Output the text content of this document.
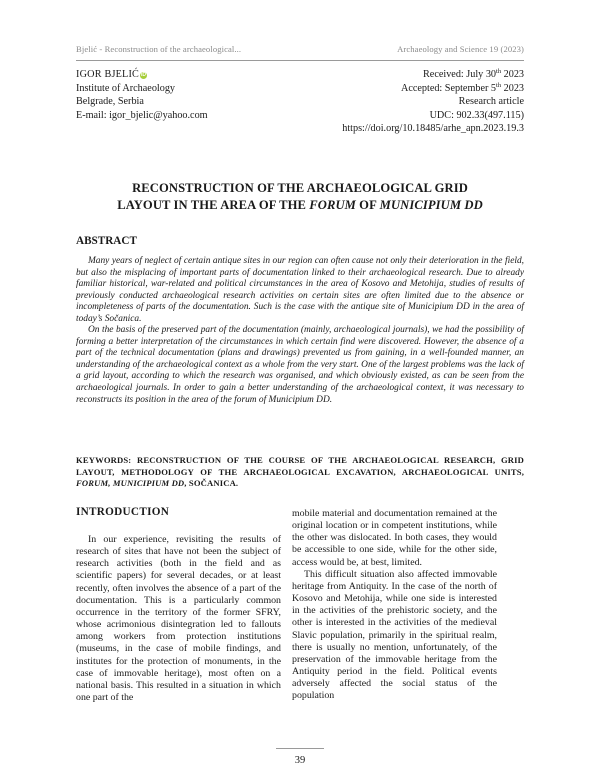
Bjelić - Reconstruction of the archaeological...	Archaeology and Science 19 (2023)
IGOR BJELIĆ iD
Institute of Archaeology
Belgrade, Serbia
E-mail: igor_bjelic@yahoo.com
Received: July 30th 2023
Accepted: September 5th 2023
Research article
UDC: 902.33(497.115)
https://doi.org/10.18485/arhe_apn.2023.19.3
RECONSTRUCTION OF THE ARCHAEOLOGICAL GRID
LAYOUT IN THE AREA OF THE FORUM OF MUNICIPIUM DD
ABSTRACT

Many years of neglect of certain antique sites in our region can often cause not only their deterioration in the field, but also the misplacing of important parts of documentation linked to their archaeological research. Due to already familiar historical, war-related and political circumstances in the area of Kosovo and Metohija, studies of results of previously conducted archaeological research activities on certain sites are often limited due to the absence or incompleteness of parts of the documentation. Such is the case with the antique site of Municipium DD in the area of today’s Sočanica.

On the basis of the preserved part of the documentation (mainly, archaeological journals), we had the possibility of forming a better interpretation of the circumstances in which certain find were discovered. However, the absence of a part of the technical documentation (plans and drawings) prevented us from gaining, in a well-founded manner, an understanding of the archaeological context as a whole from the very start. One of the largest problems was the lack of a grid layout, according to which the research was organised, and which obviously existed, as can be seen from the archaeological journals. In order to gain a better understanding of the archaeological context, it was necessary to reconstructs its position in the area of the forum of Municipium DD.

KEYWORDS: RECONSTRUCTION OF THE COURSE OF THE ARCHAEOLOGICAL RESEARCH, GRID LAYOUT, METHODOLOGY OF THE ARCHAEOLOGICAL EXCAVATION, ARCHAEOLOGICAL UNITS, FORUM, MUNICIPIUM DD, SOČANICA.
INTRODUCTION

In our experience, revisiting the results of research of sites that have not been the subject of research activities (both in the field and as scientific papers) for several decades, or at least recently, often involves the absence of a part of the documentation. This is a particularly common occurrence in the territory of the former SFRY, whose acrimonious disintegration led to fallouts among workers from protection institutions (museums, in the case of mobile findings, and institutes for the protection of monuments, in the case of immovable heritage), most often on a national basis. This resulted in a situation in which one part of the

mobile material and documentation remained at the original location or in competent institutions, while the other was dislocated. In both cases, they would be accessible to one side, while for the other side, access would be, at best, limited.

This difficult situation also affected immovable heritage from Antiquity. In the case of the north of Kosovo and Metohija, while one side is interested in the activities of the prehistoric society, and the other is interested in the activities of the medieval Slavic population, primarily in the spiritual realm, there is usually no mention, unfortunately, of the preservation of the immovable heritage from the Antiquity period in the field. Political events adversely affected the social status of the population

39
